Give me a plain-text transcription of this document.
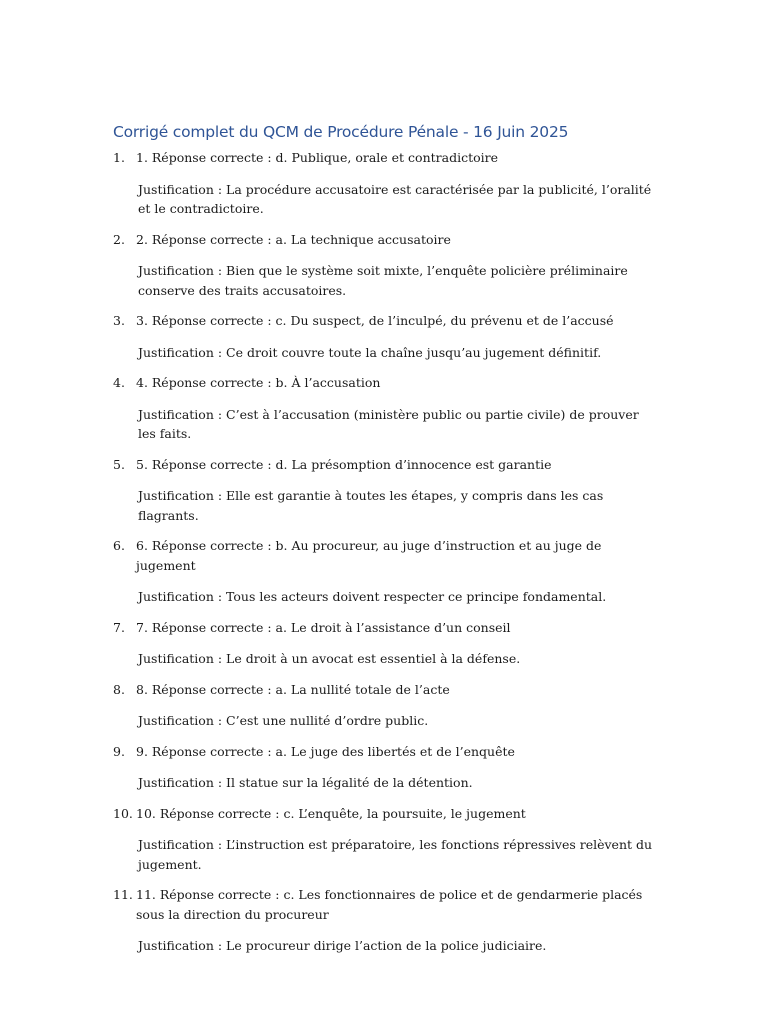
Corrigé complet du QCM de Procédure Pénale - 16 Juin 2025
1. 1. Réponse correcte : d. Publique, orale et contradictoire
Justification : La procédure accusatoire est caractérisée par la publicité, l’oralité et le contradictoire.
2. 2. Réponse correcte : a. La technique accusatoire
Justification : Bien que le système soit mixte, l’enquête policière préliminaire conserve des traits accusatoires.
3. 3. Réponse correcte : c. Du suspect, de l’inculpé, du prévenu et de l’accusé
Justification : Ce droit couvre toute la chaîne jusqu’au jugement définitif.
4. 4. Réponse correcte : b. À l’accusation
Justification : C’est à l’accusation (ministère public ou partie civile) de prouver les faits.
5. 5. Réponse correcte : d. La présomption d’innocence est garantie
Justification : Elle est garantie à toutes les étapes, y compris dans les cas flagrants.
6. 6. Réponse correcte : b. Au procureur, au juge d’instruction et au juge de jugement
Justification : Tous les acteurs doivent respecter ce principe fondamental.
7. 7. Réponse correcte : a. Le droit à l’assistance d’un conseil
Justification : Le droit à un avocat est essentiel à la défense.
8. 8. Réponse correcte : a. La nullité totale de l’acte
Justification : C’est une nullité d’ordre public.
9. 9. Réponse correcte : a. Le juge des libertés et de l’enquête
Justification : Il statue sur la légalité de la détention.
10. 10. Réponse correcte : c. L’enquête, la poursuite, le jugement
Justification : L’instruction est préparatoire, les fonctions répressives relèvent du jugement.
11. 11. Réponse correcte : c. Les fonctionnaires de police et de gendarmerie placés sous la direction du procureur
Justification : Le procureur dirige l’action de la police judiciaire.
